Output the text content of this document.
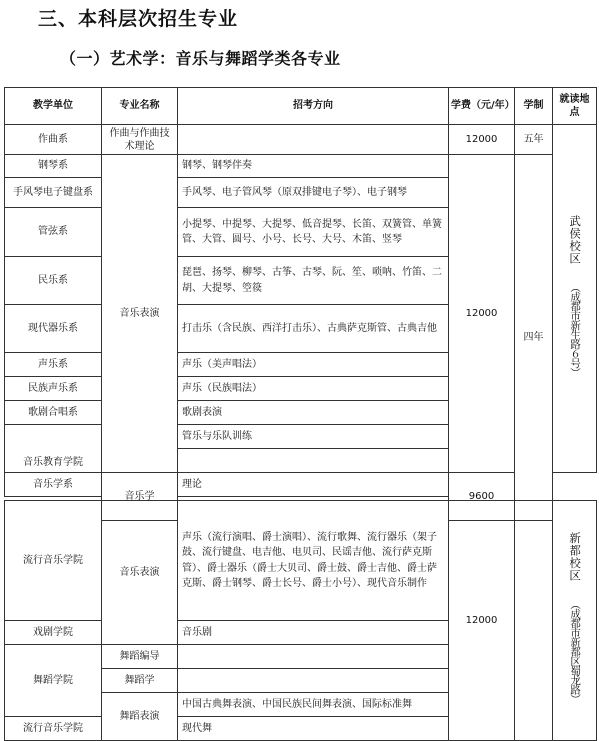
三、本科层次招生专业
（一）艺术学：音乐与舞蹈学类各专业
教学单位	专业名称	招考方向	学费（元/年）	学制	就读地点
作曲系	作曲与作曲技术理论		12000	五年	武侯校区 （成都市新生路６号）
钢琴系	音乐表演	钢琴、钢琴伴奏	12000	四年	
手风琴电子键盘系		手风琴、电子管风琴（原双排键电子琴）、电子钢琴			
管弦系		小提琴、中提琴、大提琴、低音提琴、长笛、双簧管、单簧管、大管、圆号、小号、长号、大号、木笛、竖琴			
民乐系		琵琶、扬琴、柳琴、古筝、古琴、阮、笙、唢呐、竹笛、二胡、大提琴、箜篌			
现代器乐系		打击乐（含民族、西洋打击乐）、古典萨克斯管、古典吉他			
声乐系		声乐（美声唱法）			
民族声乐系		声乐（民族唱法）			
歌剧合唱系		歌剧表演			
音乐教育学院		管乐与乐队训练			

音乐学系	音乐学	理论	9600		

流行音乐学院	音乐表演	声乐（流行演唱、爵士演唱）、流行歌舞、流行器乐（架子鼓、流行键盘、电吉他、电贝司、民谣吉他、流行萨克斯管）、爵士器乐（爵士大贝司、爵士鼓、爵士吉他、爵士萨克斯、爵士钢琴、爵士长号、爵士小号）、现代音乐制作	12000		新都校区 （成都市新都区蜀龙路）
戏剧学院		音乐剧			
舞蹈学院	舞蹈编导				
	舞蹈学				
	舞蹈表演	中国古典舞表演、中国民族民间舞表演、国际标准舞			
流行音乐学院		现代舞			
